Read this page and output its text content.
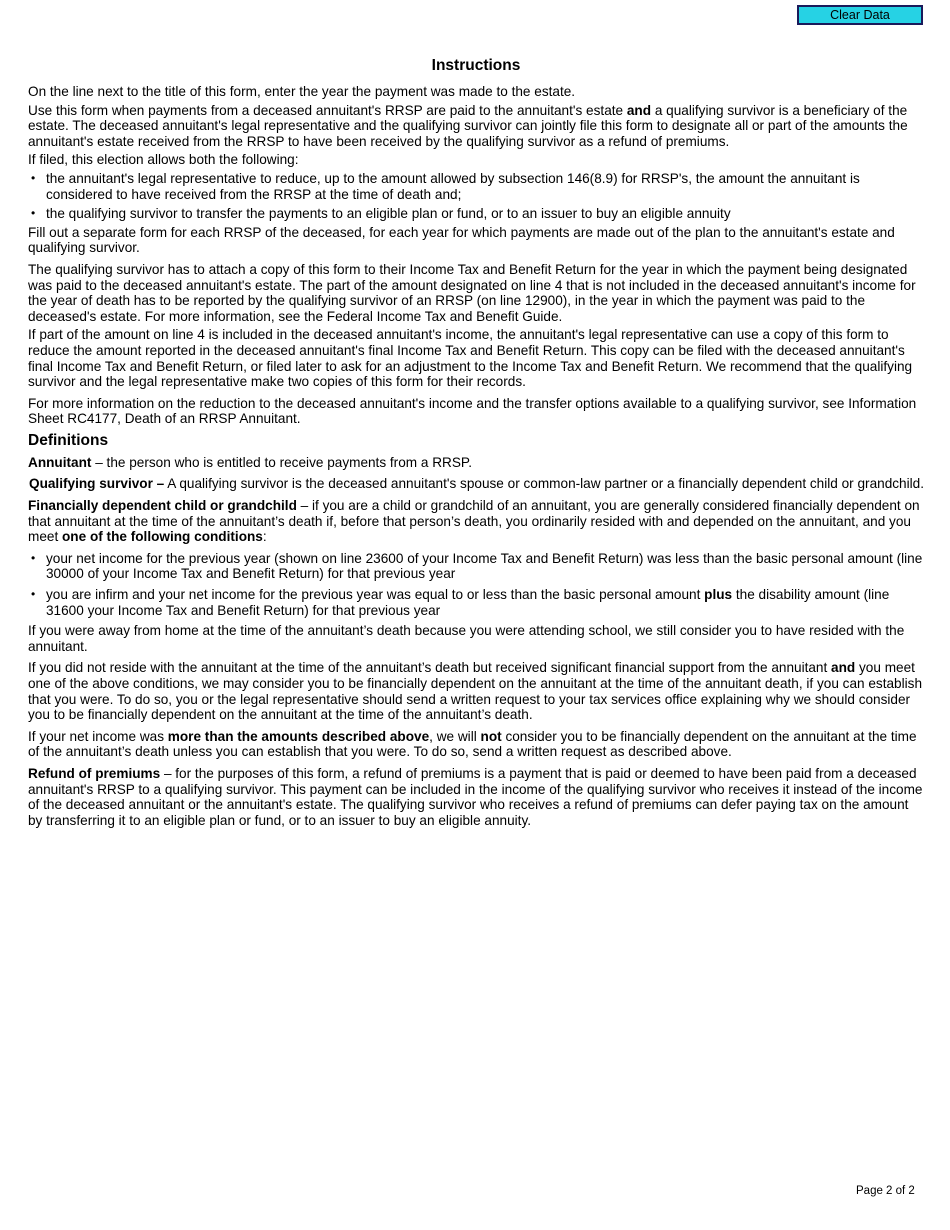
Clear Data
Instructions

On the line next to the title of this form, enter the year the payment was made to the estate.

Use this form when payments from a deceased annuitant's RRSP are paid to the annuitant's estate and a qualifying survivor is a beneficiary of the estate. The deceased annuitant's legal representative and the qualifying survivor can jointly file this form to designate all or part of the amounts the annuitant's estate received from the RRSP to have been received by the qualifying survivor as a refund of premiums.

If filed, this election allows both the following:

• the annuitant's legal representative to reduce, up to the amount allowed by subsection 146(8.9) for RRSP's, the amount the annuitant is considered to have received from the RRSP at the time of death and;
• the qualifying survivor to transfer the payments to an eligible plan or fund, or to an issuer to buy an eligible annuity

Fill out a separate form for each RRSP of the deceased, for each year for which payments are made out of the plan to the annuitant's estate and qualifying survivor.

The qualifying survivor has to attach a copy of this form to their Income Tax and Benefit Return for the year in which the payment being designated was paid to the deceased annuitant's estate. The part of the amount designated on line 4 that is not included in the deceased annuitant's income for the year of death has to be reported by the qualifying survivor of an RRSP (on line 12900), in the year in which the payment was paid to the deceased's estate. For more information, see the Federal Income Tax and Benefit Guide.

If part of the amount on line 4 is included in the deceased annuitant's income, the annuitant's legal representative can use a copy of this form to reduce the amount reported in the deceased annuitant's final Income Tax and Benefit Return. This copy can be filed with the deceased annuitant's final Income Tax and Benefit Return, or filed later to ask for an adjustment to the Income Tax and Benefit Return. We recommend that the qualifying survivor and the legal representative make two copies of this form for their records.

For more information on the reduction to the deceased annuitant's income and the transfer options available to a qualifying survivor, see Information Sheet RC4177, Death of an RRSP Annuitant.

Definitions

Annuitant – the person who is entitled to receive payments from a RRSP.

Qualifying survivor – A qualifying survivor is the deceased annuitant's spouse or common-law partner or a financially dependent child or grandchild.

Financially dependent child or grandchild – if you are a child or grandchild of an annuitant, you are generally considered financially dependent on that annuitant at the time of the annuitant’s death if, before that person’s death, you ordinarily resided with and depended on the annuitant, and you meet one of the following conditions:

• your net income for the previous year (shown on line 23600 of your Income Tax and Benefit Return) was less than the basic personal amount (line 30000 of your Income Tax and Benefit Return) for that previous year
• you are infirm and your net income for the previous year was equal to or less than the basic personal amount plus the disability amount (line 31600 your Income Tax and Benefit Return) for that previous year

If you were away from home at the time of the annuitant’s death because you were attending school, we still consider you to have resided with the annuitant.

If you did not reside with the annuitant at the time of the annuitant’s death but received significant financial support from the annuitant and you meet one of the above conditions, we may consider you to be financially dependent on the annuitant at the time of the annuitant death, if you can establish that you were. To do so, you or the legal representative should send a written request to your tax services office explaining why we should consider you to be financially dependent on the annuitant at the time of the annuitant’s death.

If your net income was more than the amounts described above, we will not consider you to be financially dependent on the annuitant at the time of the annuitant’s death unless you can establish that you were. To do so, send a written request as described above.

Refund of premiums – for the purposes of this form, a refund of premiums is a payment that is paid or deemed to have been paid from a deceased annuitant's RRSP to a qualifying survivor. This payment can be included in the income of the qualifying survivor who receives it instead of the income of the deceased annuitant or the annuitant's estate. The qualifying survivor who receives a refund of premiums can defer paying tax on the amount by transferring it to an eligible plan or fund, or to an issuer to buy an eligible annuity.

Page 2 of 2
